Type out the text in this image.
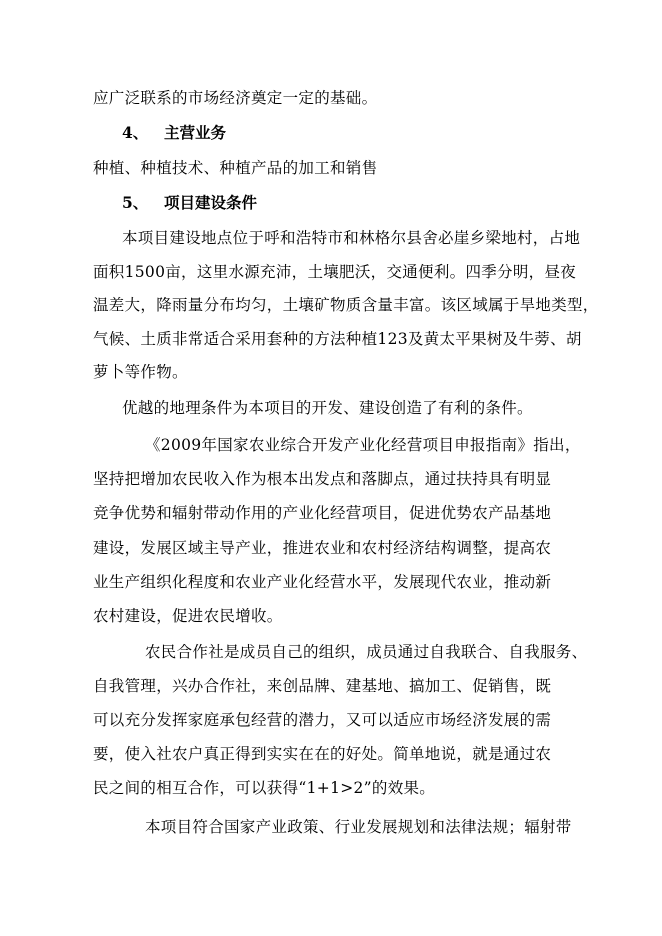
应广泛联系的市场经济奠定一定的基础。
4、 主营业务
种植、种植技术、种植产品的加工和销售
5、 项目建设条件
本项目建设地点位于呼和浩特市和林格尔县舍必崖乡梁地村，占地
面积1500亩，这里水源充沛，土壤肥沃，交通便利。四季分明，昼夜
温差大，降雨量分布均匀，土壤矿物质含量丰富。该区域属于旱地类型，
气候、土质非常适合采用套种的方法种植123及黄太平果树及牛蒡、胡
萝卜等作物。
优越的地理条件为本项目的开发、建设创造了有利的条件。
《2009年国家农业综合开发产业化经营项目申报指南》指出，
坚持把增加农民收入作为根本出发点和落脚点，通过扶持具有明显
竞争优势和辐射带动作用的产业化经营项目，促进优势农产品基地
建设，发展区域主导产业，推进农业和农村经济结构调整，提高农
业生产组织化程度和农业产业化经营水平，发展现代农业，推动新
农村建设，促进农民增收。
农民合作社是成员自己的组织，成员通过自我联合、自我服务、
自我管理，兴办合作社，来创品牌、建基地、搞加工、促销售，既
可以充分发挥家庭承包经营的潜力，又可以适应市场经济发展的需
要，使入社农户真正得到实实在在的好处。简单地说，就是通过农
民之间的相互合作，可以获得“1+1>2”的效果。
本项目符合国家产业政策、行业发展规划和法律法规；辐射带
